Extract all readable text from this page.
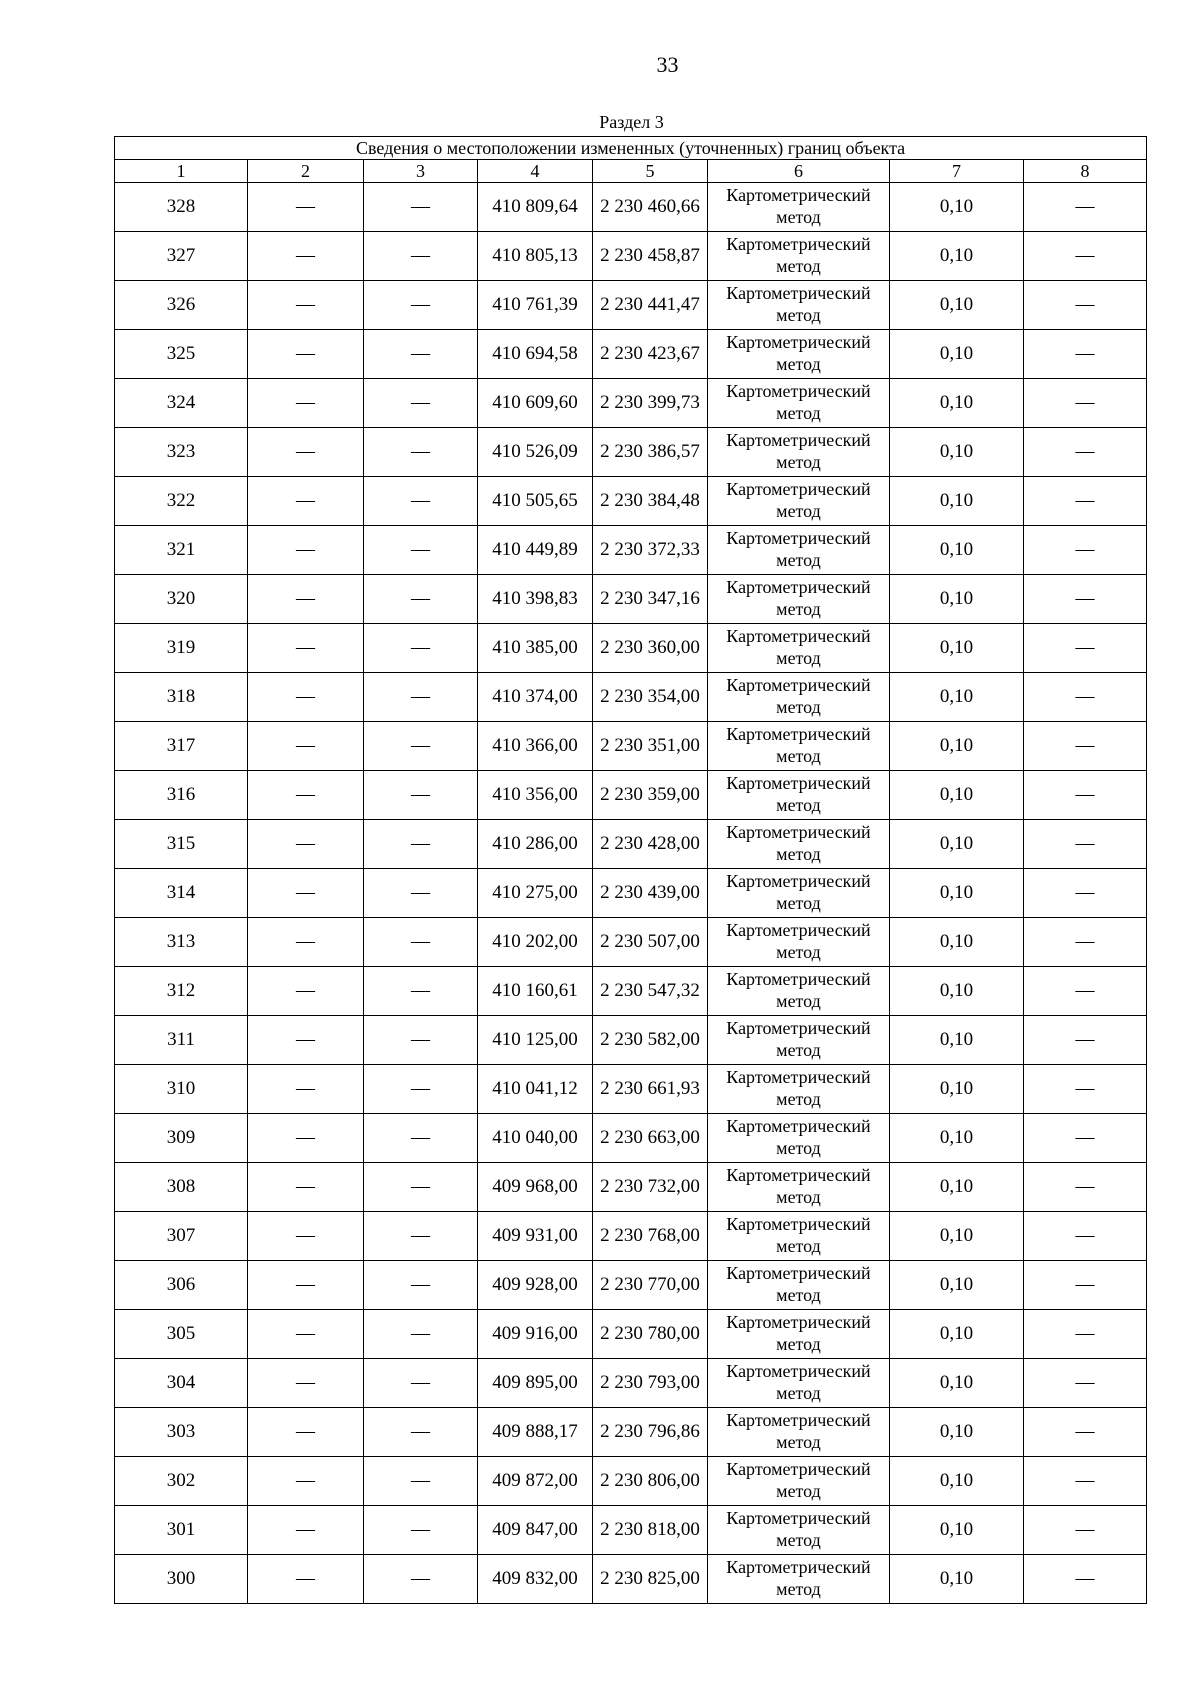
33
Раздел 3
Сведения о местоположении измененных (уточненных) границ объекта							
1	2	3	4	5	6	7	8
328	—	—	410 809,64	2 230 460,66	Картометрический метод	0,10	—
327	—	—	410 805,13	2 230 458,87	Картометрический метод	0,10	—
326	—	—	410 761,39	2 230 441,47	Картометрический метод	0,10	—
325	—	—	410 694,58	2 230 423,67	Картометрический метод	0,10	—
324	—	—	410 609,60	2 230 399,73	Картометрический метод	0,10	—
323	—	—	410 526,09	2 230 386,57	Картометрический метод	0,10	—
322	—	—	410 505,65	2 230 384,48	Картометрический метод	0,10	—
321	—	—	410 449,89	2 230 372,33	Картометрический метод	0,10	—
320	—	—	410 398,83	2 230 347,16	Картометрический метод	0,10	—
319	—	—	410 385,00	2 230 360,00	Картометрический метод	0,10	—
318	—	—	410 374,00	2 230 354,00	Картометрический метод	0,10	—
317	—	—	410 366,00	2 230 351,00	Картометрический метод	0,10	—
316	—	—	410 356,00	2 230 359,00	Картометрический метод	0,10	—
315	—	—	410 286,00	2 230 428,00	Картометрический метод	0,10	—
314	—	—	410 275,00	2 230 439,00	Картометрический метод	0,10	—
313	—	—	410 202,00	2 230 507,00	Картометрический метод	0,10	—
312	—	—	410 160,61	2 230 547,32	Картометрический метод	0,10	—
311	—	—	410 125,00	2 230 582,00	Картометрический метод	0,10	—
310	—	—	410 041,12	2 230 661,93	Картометрический метод	0,10	—
309	—	—	410 040,00	2 230 663,00	Картометрический метод	0,10	—
308	—	—	409 968,00	2 230 732,00	Картометрический метод	0,10	—
307	—	—	409 931,00	2 230 768,00	Картометрический метод	0,10	—
306	—	—	409 928,00	2 230 770,00	Картометрический метод	0,10	—
305	—	—	409 916,00	2 230 780,00	Картометрический метод	0,10	—
304	—	—	409 895,00	2 230 793,00	Картометрический метод	0,10	—
303	—	—	409 888,17	2 230 796,86	Картометрический метод	0,10	—
302	—	—	409 872,00	2 230 806,00	Картометрический метод	0,10	—
301	—	—	409 847,00	2 230 818,00	Картометрический метод	0,10	—
300	—	—	409 832,00	2 230 825,00	Картометрический метод	0,10	—
